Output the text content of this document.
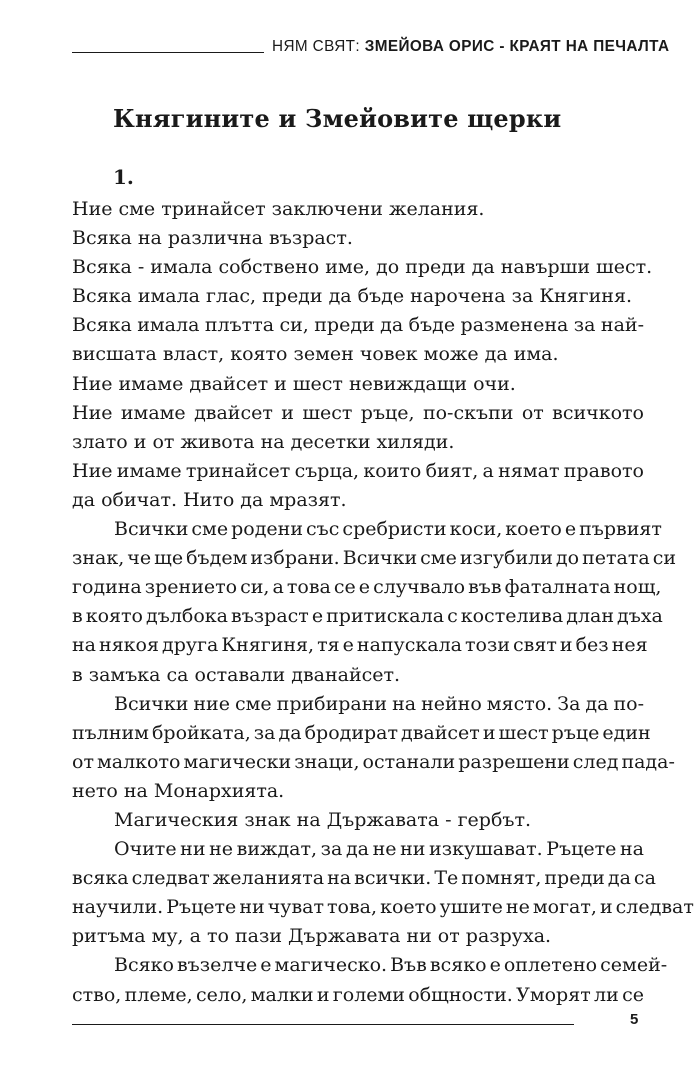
НЯМ СВЯТ: ЗМЕЙОВА ОРИС - КРАЯТ НА ПЕЧАЛТА
Княгините и Змейовите щерки
1.
Ние сме тринайсет заключени желания.
Всяка на различна възраст.
Всяка - имала собствено име, до преди да навърши шест.
Всяка имала глас, преди да бъде нарочена за Княгиня.
Всяка имала плътта си, преди да бъде разменена за най-
висшата власт, която земен човек може да има.
Ние имаме двайсет и шест невиждащи очи.
Ние имаме двайсет и шест ръце, по-скъпи от всичкото
злато и от живота на десетки хиляди.
Ние имаме тринайсет сърца, които бият, а нямат правото
да обичат. Нито да мразят.
Всички сме родени със сребристи коси, което е първият
знак, че ще бъдем избрани. Всички сме изгубили до петата си
година зрението си, а това се е случвало във фаталната нощ,
в която дълбока възраст е притискала с костелива длан дъха
на някоя друга Княгиня, тя е напускала този свят и без нея
в замъка са оставали дванайсет.
Всички ние сме прибирани на нейно място. За да по-
пълним бройката, за да бродират двайсет и шест ръце един
от малкото магически знаци, останали разрешени след пада-
нето на Монархията.
Магическия знак на Държавата - гербът.
Очите ни не виждат, за да не ни изкушават. Ръцете на
всяка следват желанията на всички. Те помнят, преди да са
научили. Ръцете ни чуват това, което ушите не могат, и следват
ритъма му, а то пази Държавата ни от разруха.
Всяко възелче е магическо. Във всяко е оплетено семей-
ство, племе, село, малки и големи общности. Уморят ли се
5
